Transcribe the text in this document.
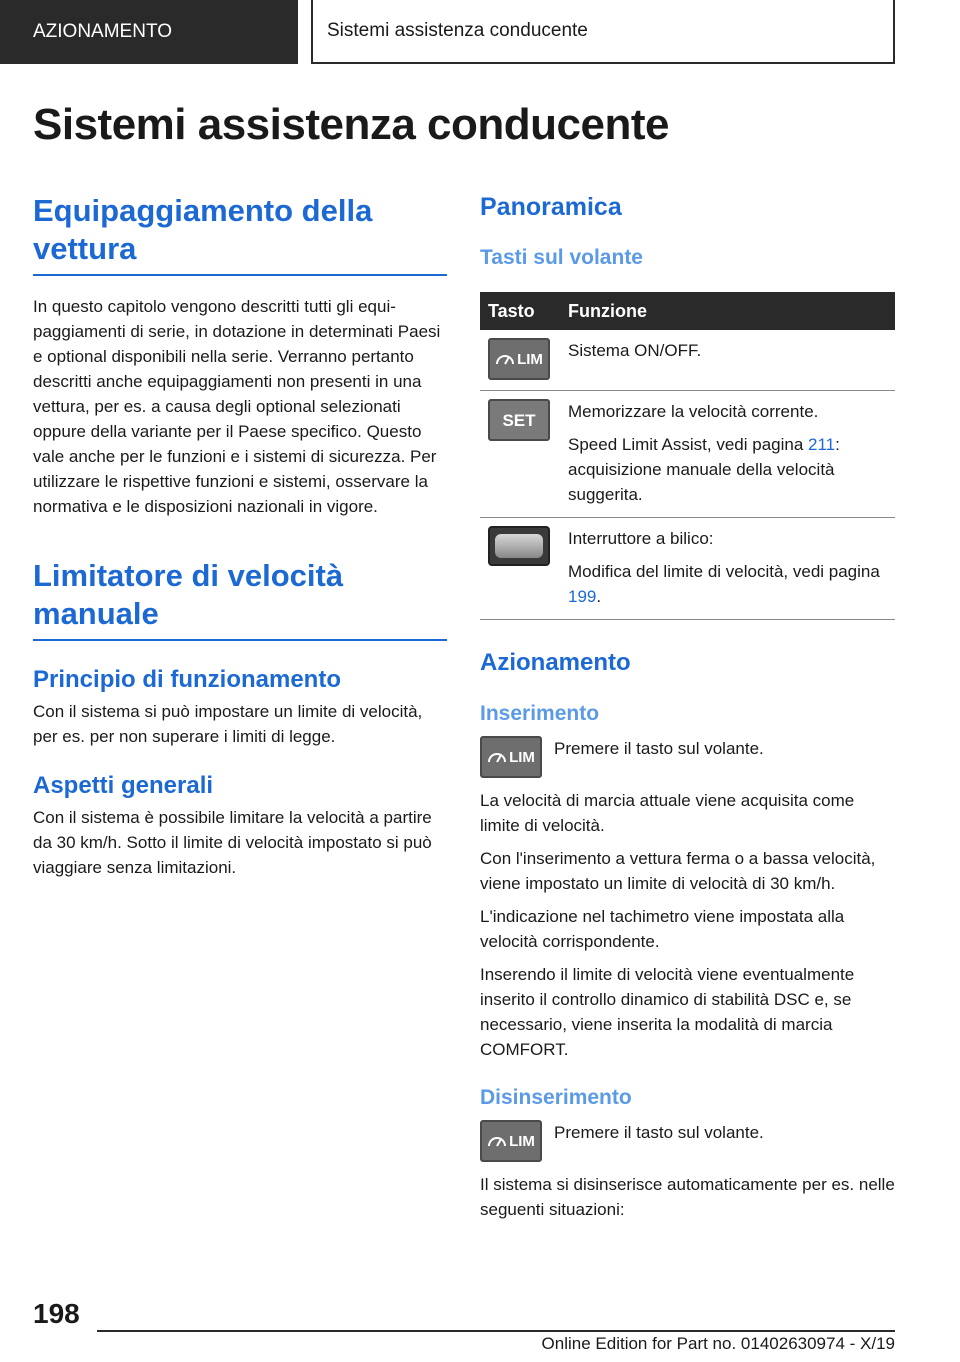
AZIONAMENTO	Sistemi assistenza conducente
Sistemi assistenza conducente
Equipaggiamento della vettura

In questo capitolo vengono descritti tutti gli equipaggiamenti di serie, in dotazione in determinati Paesi e optional disponibili nella serie. Verranno pertanto descritti anche equipaggiamenti non presenti in una vettura, per es. a causa degli optional selezionati oppure della variante per il Paese specifico. Questo vale anche per le funzioni e i sistemi di sicurezza. Per utilizzare le rispettive funzioni e sistemi, osservare la normativa e le disposizioni nazionali in vigore.

Limitatore di velocità manuale
Principio di funzionamento

Con il sistema si può impostare un limite di velocità, per es. per non superare i limiti di legge.

Aspetti generali

Con il sistema è possibile limitare la velocità a partire da 30 km/h. Sotto il limite di velocità impostato si può viaggiare senza limitazioni.

Panoramica
Tasti sul volante
Tasto	Funzione

LIM	Sistema ON/OFF.

SET	Memorizzare la velocità corrente.

Speed Limit Assist, vedi pagina 211: acquisizione manuale della velocità suggerita.

	Interruttore a bilico:

Modifica del limite di velocità, vedi pagina 199.

Azionamento
Inserimento
LIM Premere il tasto sul volante.

La velocità di marcia attuale viene acquisita come limite di velocità.

Con l'inserimento a vettura ferma o a bassa velocità, viene impostato un limite di velocità di 30 km/h.

L'indicazione nel tachimetro viene impostata alla velocità corrispondente.

Inserendo il limite di velocità viene eventualmente inserito il controllo dinamico di stabilità DSC e, se necessario, viene inserita la modalità di marcia COMFORT.

Disinserimento
LIM Premere il tasto sul volante.

Il sistema si disinserisce automaticamente per es. nelle seguenti situazioni:

198
Online Edition for Part no. 01402630974 - X/19
